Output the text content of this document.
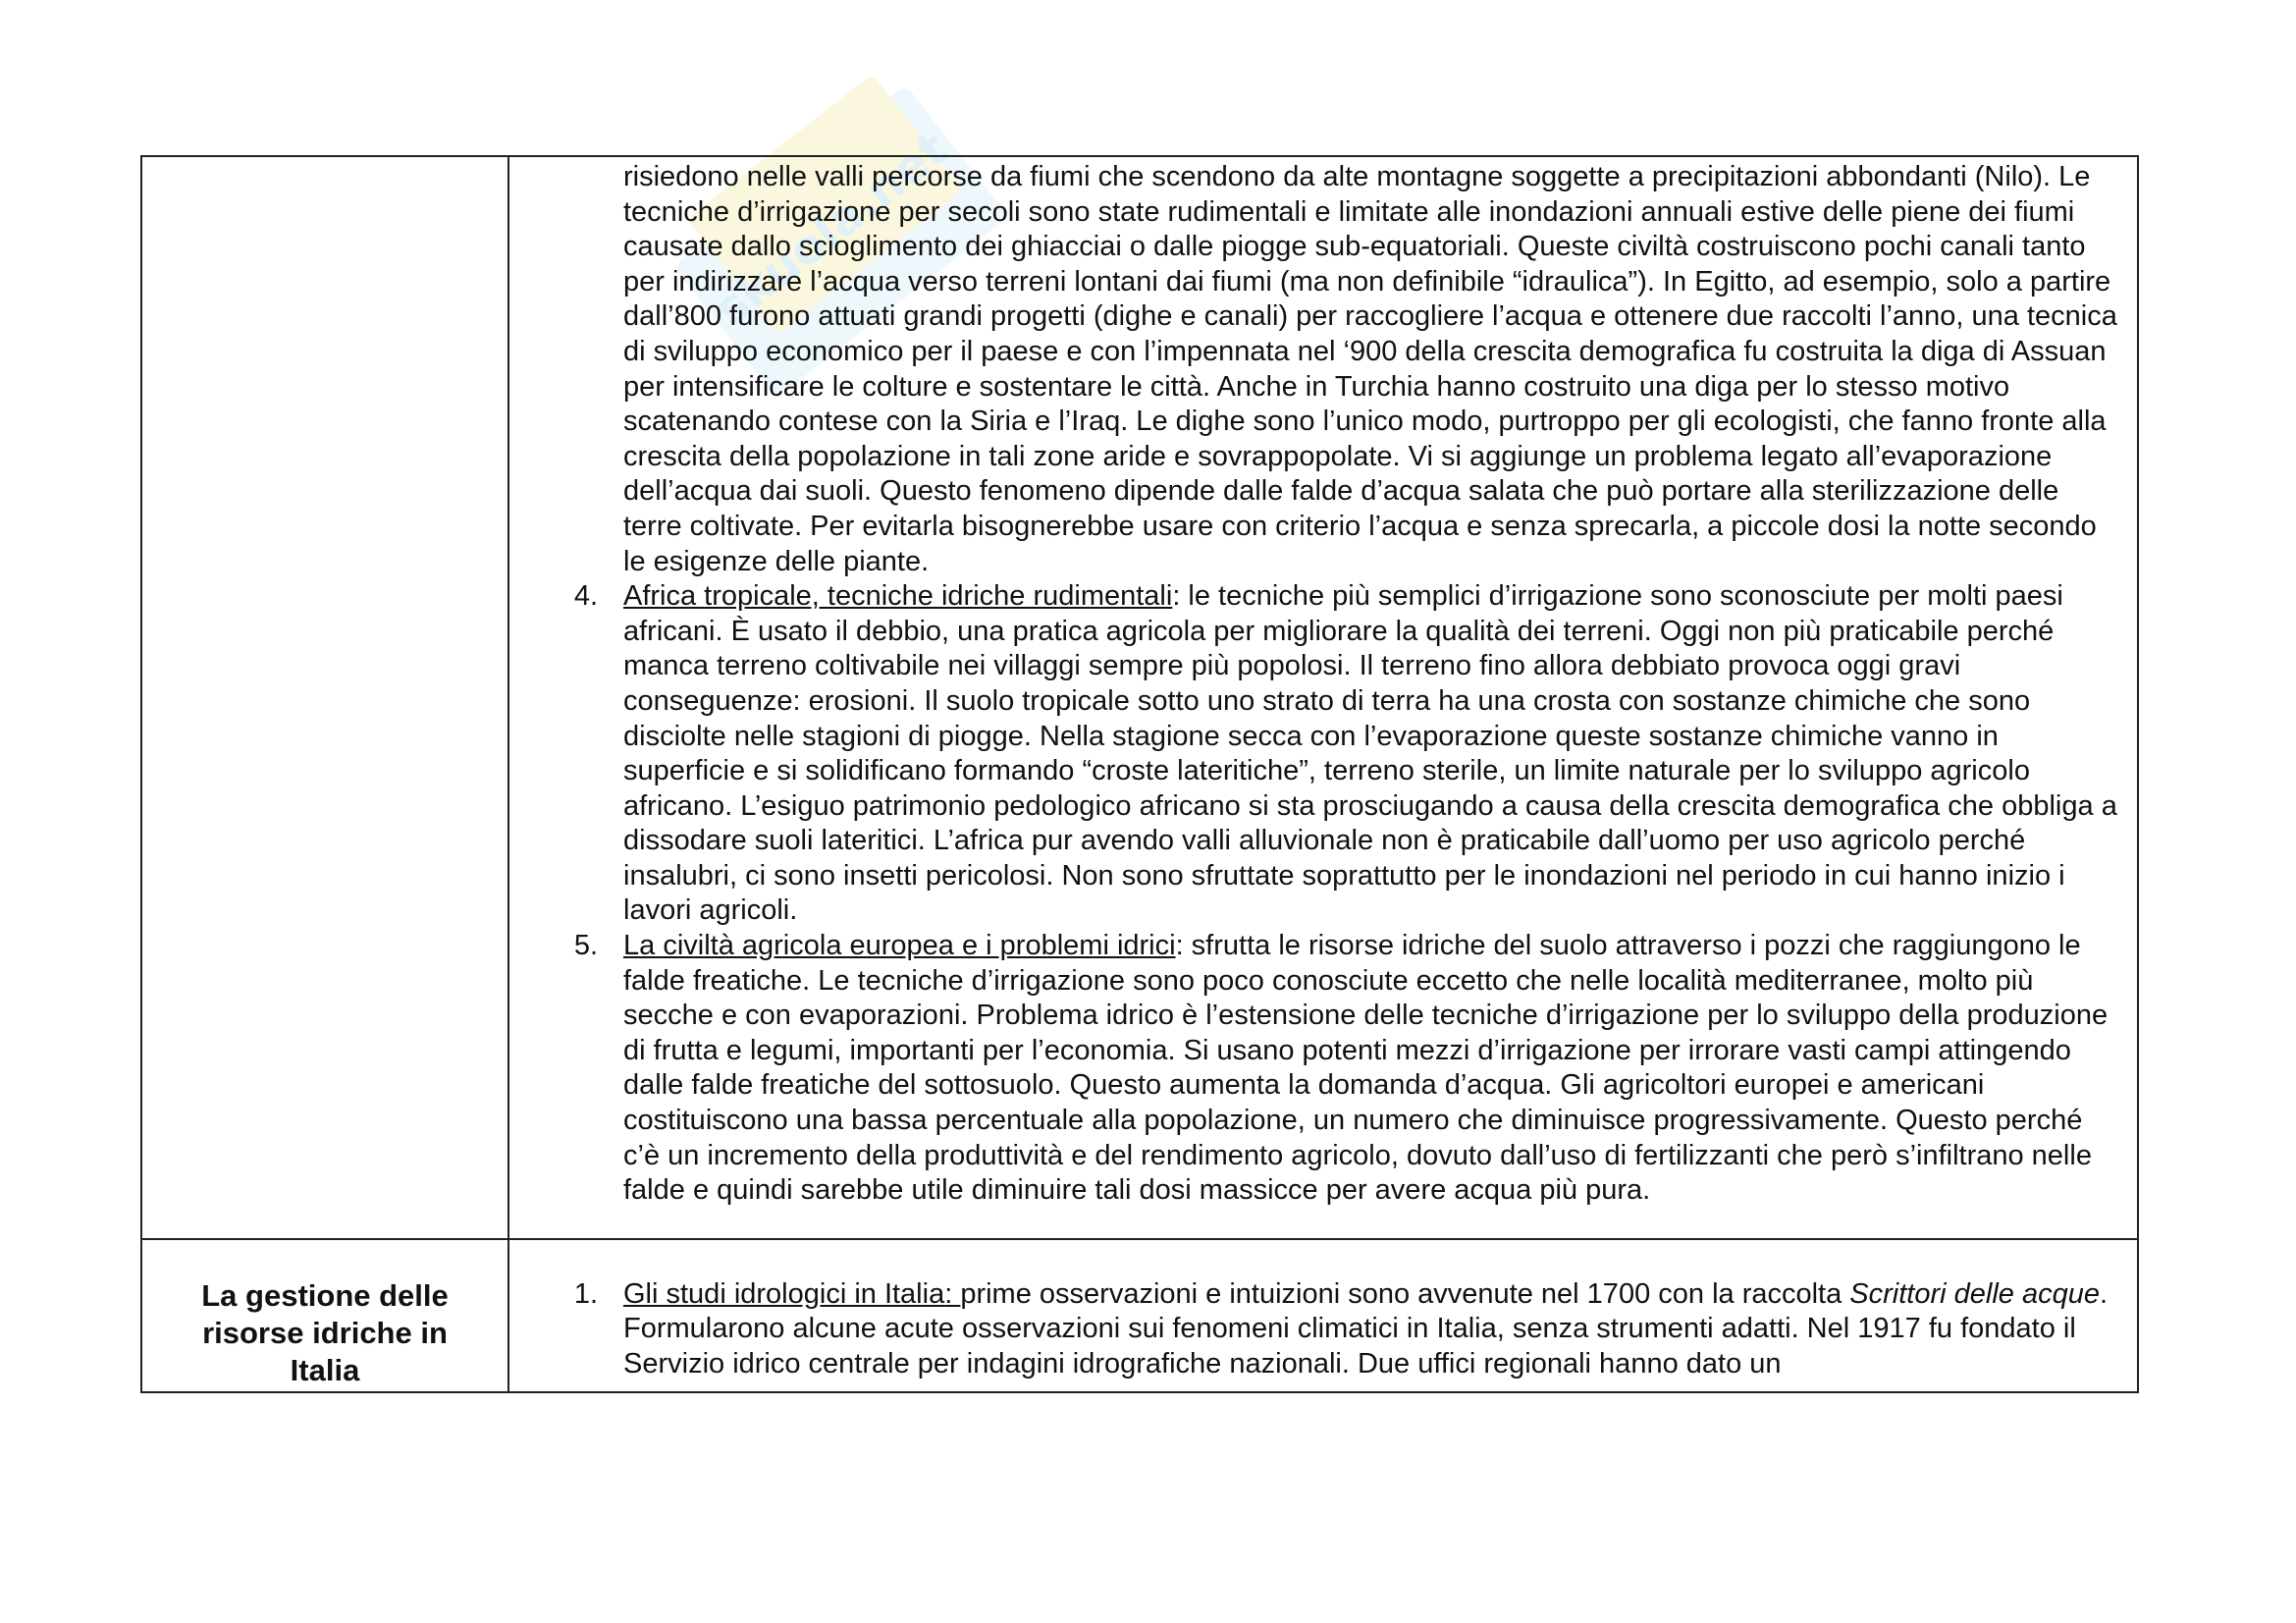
skuola.net

	risiedono nelle valli percorse da fiumi che scendono da alte montagne soggette a precipitazioni abbondanti (Nilo). Le tecniche d’irrigazione per secoli sono state rudimentali e limitate alle inondazioni annuali estive delle piene dei fiumi causate dallo scioglimento dei ghiacciai o dalle piogge sub-equatoriali. Queste civiltà costruiscono pochi canali tanto per indirizzare l’acqua verso terreni lontani dai fiumi (ma non definibile “idraulica”). In Egitto, ad esempio, solo a partire dall’800 furono attuati grandi progetti (dighe e canali) per raccogliere l’acqua e ottenere due raccolti l’anno, una tecnica di sviluppo economico per il paese e con l’impennata nel ‘900 della crescita demografica fu costruita la diga di Assuan per intensificare le colture e sostentare le città. Anche in Turchia hanno costruito una diga per lo stesso motivo scatenando contese con la Siria e l’Iraq. Le dighe sono l’unico modo, purtroppo per gli ecologisti, che fanno fronte alla crescita della popolazione in tali zone aride e sovrappopolate. Vi si aggiunge un problema legato all’evaporazione dell’acqua dai suoli. Questo fenomeno dipende dalle falde d’acqua salata che può portare alla sterilizzazione delle terre coltivate. Per evitarla bisognerebbe usare con criterio l’acqua e senza sprecarla, a piccole dosi la notte secondo le esigenze delle piante.
4. Africa tropicale, tecniche idriche rudimentali: le tecniche più semplici d’irrigazione sono sconosciute per molti paesi africani. È usato il debbio, una pratica agricola per migliorare la qualità dei terreni. Oggi non più praticabile perché manca terreno coltivabile nei villaggi sempre più popolosi. Il terreno fino allora debbiato provoca oggi gravi conseguenze: erosioni. Il suolo tropicale sotto uno strato di terra ha una crosta con sostanze chimiche che sono disciolte nelle stagioni di piogge. Nella stagione secca con l’evaporazione queste sostanze chimiche vanno in superficie e si solidificano formando “croste lateritiche”, terreno sterile, un limite naturale per lo sviluppo agricolo africano. L’esiguo patrimonio pedologico africano si sta prosciugando a causa della crescita demografica che obbliga a dissodare suoli lateritici. L’africa pur avendo valli alluvionale non è praticabile dall’uomo per uso agricolo perché insalubri, ci sono insetti pericolosi. Non sono sfruttate soprattutto per le inondazioni nel periodo in cui hanno inizio i lavori agricoli.
5. La civiltà agricola europea e i problemi idrici: sfrutta le risorse idriche del suolo attraverso i pozzi che raggiungono le falde freatiche. Le tecniche d’irrigazione sono poco conosciute eccetto che nelle località mediterranee, molto più secche e con evaporazioni. Problema idrico è l’estensione delle tecniche d’irrigazione per lo sviluppo della produzione di frutta e legumi, importanti per l’economia. Si usano potenti mezzi d’irrigazione per irrorare vasti campi attingendo dalle falde freatiche del sottosuolo. Questo aumenta la domanda d’acqua. Gli agricoltori europei e americani costituiscono una bassa percentuale alla popolazione, un numero che diminuisce progressivamente. Questo perché c’è un incremento della produttività e del rendimento agricolo, dovuto dall’uso di fertilizzanti che però s’infiltrano nelle falde e quindi sarebbe utile diminuire tali dosi massicce per avere acqua più pura.

La gestione delle risorse idriche in Italia	1. Gli studi idrologici in Italia: prime osservazioni e intuizioni sono avvenute nel 1700 con la raccolta Scrittori delle acque. Formularono alcune acute osservazioni sui fenomeni climatici in Italia, senza strumenti adatti. Nel 1917 fu fondato il Servizio idrico centrale per indagini idrografiche nazionali. Due uffici regionali hanno dato un
